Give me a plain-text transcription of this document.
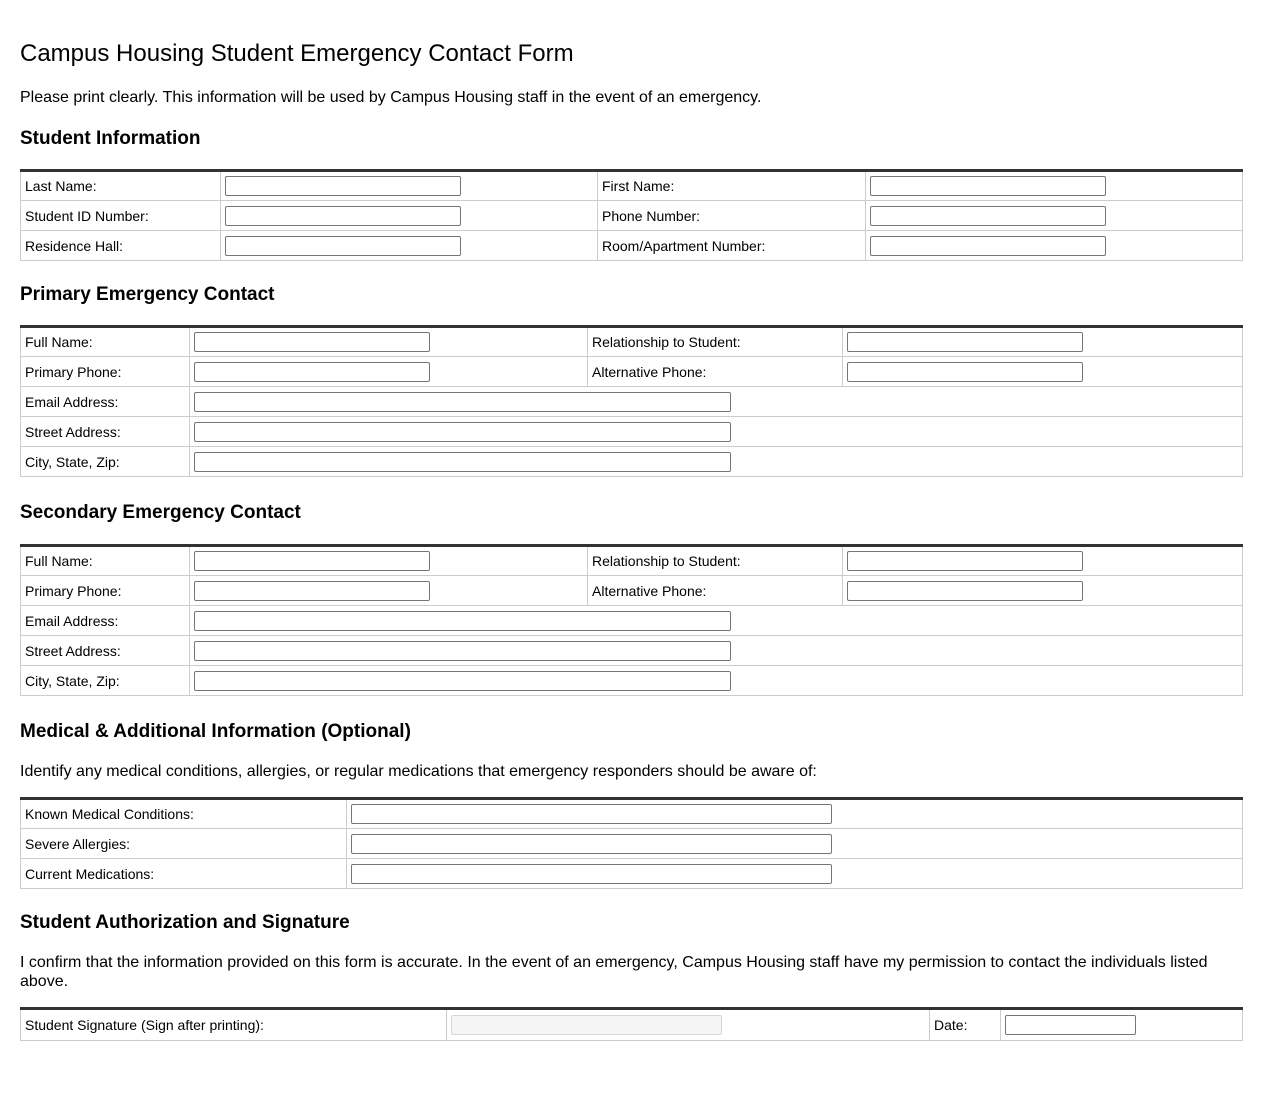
Campus Housing Student Emergency Contact Form

Please print clearly. This information will be used by Campus Housing staff in the event of an emergency.

Student Information
Last Name:		First Name:	

Student ID Number:		Phone Number:	

Residence Hall:		Room/Apartment Number:	
Primary Emergency Contact
Full Name:		Relationship to Student:	

Primary Phone:		Alternative Phone:	

Email Address:			

Street Address:			

City, State, Zip:			
Secondary Emergency Contact
Full Name:		Relationship to Student:	

Primary Phone:		Alternative Phone:	

Email Address:			

Street Address:			

City, State, Zip:			
Medical & Additional Information (Optional)

Identify any medical conditions, allergies, or regular medications that emergency responders should be aware of:

Known Medical Conditions:	

Severe Allergies:	

Current Medications:	
Student Authorization and Signature

I confirm that the information provided on this form is accurate. In the event of an emergency, Campus Housing staff have my permission to contact the individuals listed above.

Student Signature (Sign after printing):		Date:	
